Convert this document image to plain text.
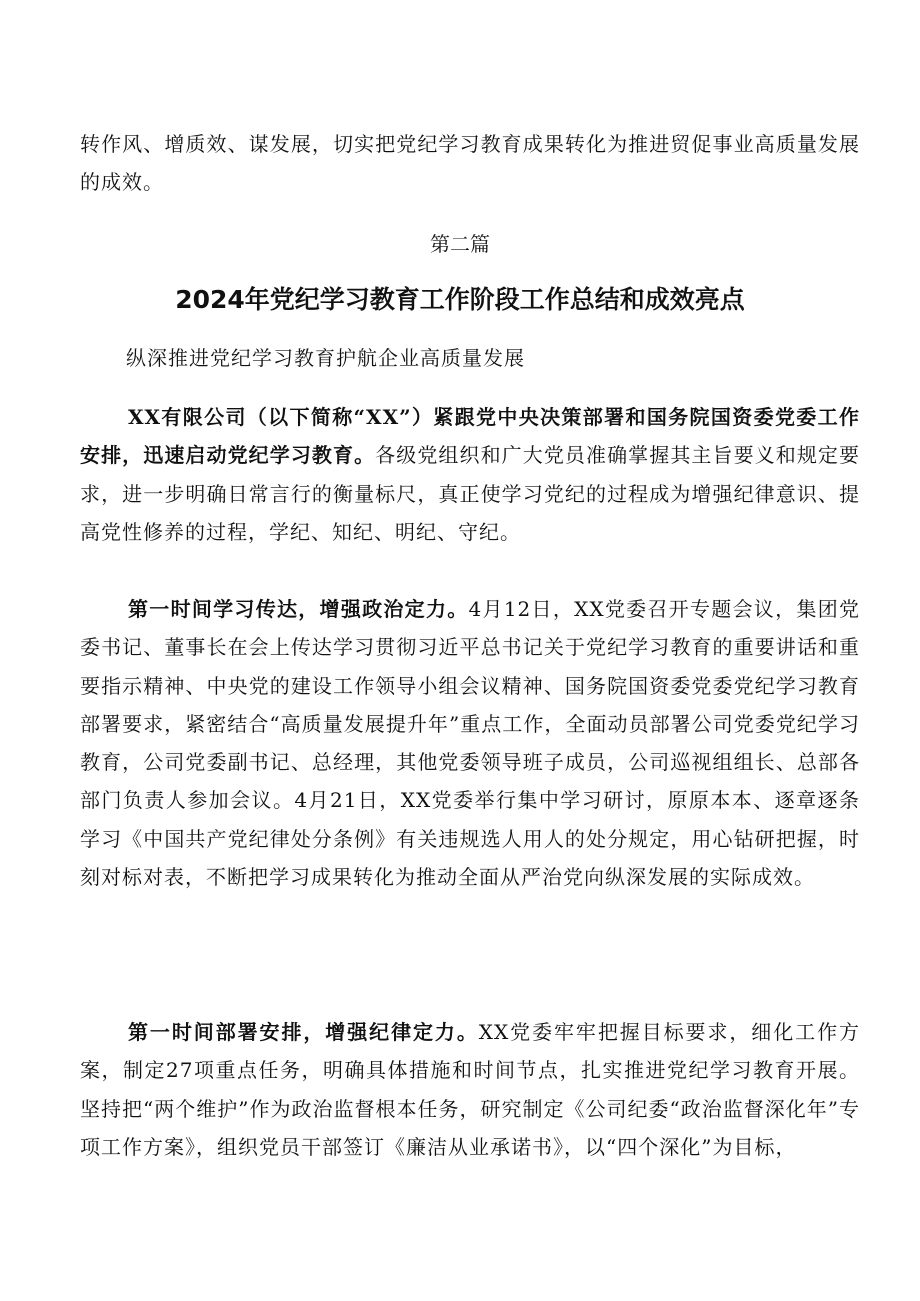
转作风、增质效、谋发展，切实把党纪学习教育成果转化为推进贸促事业高质量发展的成效。

第二篇

2024年党纪学习教育工作阶段工作总结和成效亮点

纵深推进党纪学习教育护航企业高质量发展

XX有限公司（以下简称“XX”）紧跟党中央决策部署和国务院国资委党委工作安排，迅速启动党纪学习教育。各级党组织和广大党员准确掌握其主旨要义和规定要求，进一步明确日常言行的衡量标尺，真正使学习党纪的过程成为增强纪律意识、提高党性修养的过程，学纪、知纪、明纪、守纪。

第一时间学习传达，增强政治定力。4月12日，XX党委召开专题会议，集团党委书记、董事长在会上传达学习贯彻习近平总书记关于党纪学习教育的重要讲话和重要指示精神、中央党的建设工作领导小组会议精神、国务院国资委党委党纪学习教育部署要求，紧密结合“高质量发展提升年”重点工作，全面动员部署公司党委党纪学习教育，公司党委副书记、总经理，其他党委领导班子成员，公司巡视组组长、总部各部门负责人参加会议。4月21日，XX党委举行集中学习研讨，原原本本、逐章逐条学习《中国共产党纪律处分条例》有关违规选人用人的处分规定，用心钻研把握，时刻对标对表，不断把学习成果转化为推动全面从严治党向纵深发展的实际成效。

第一时间部署安排，增强纪律定力。XX党委牢牢把握目标要求，细化工作方案，制定27项重点任务，明确具体措施和时间节点，扎实推进党纪学习教育开展。坚持把“两个维护”作为政治监督根本任务，研究制定《公司纪委“政治监督深化年”专项工作方案》，组织党员干部签订《廉洁从业承诺书》，以“四个深化”为目标，
